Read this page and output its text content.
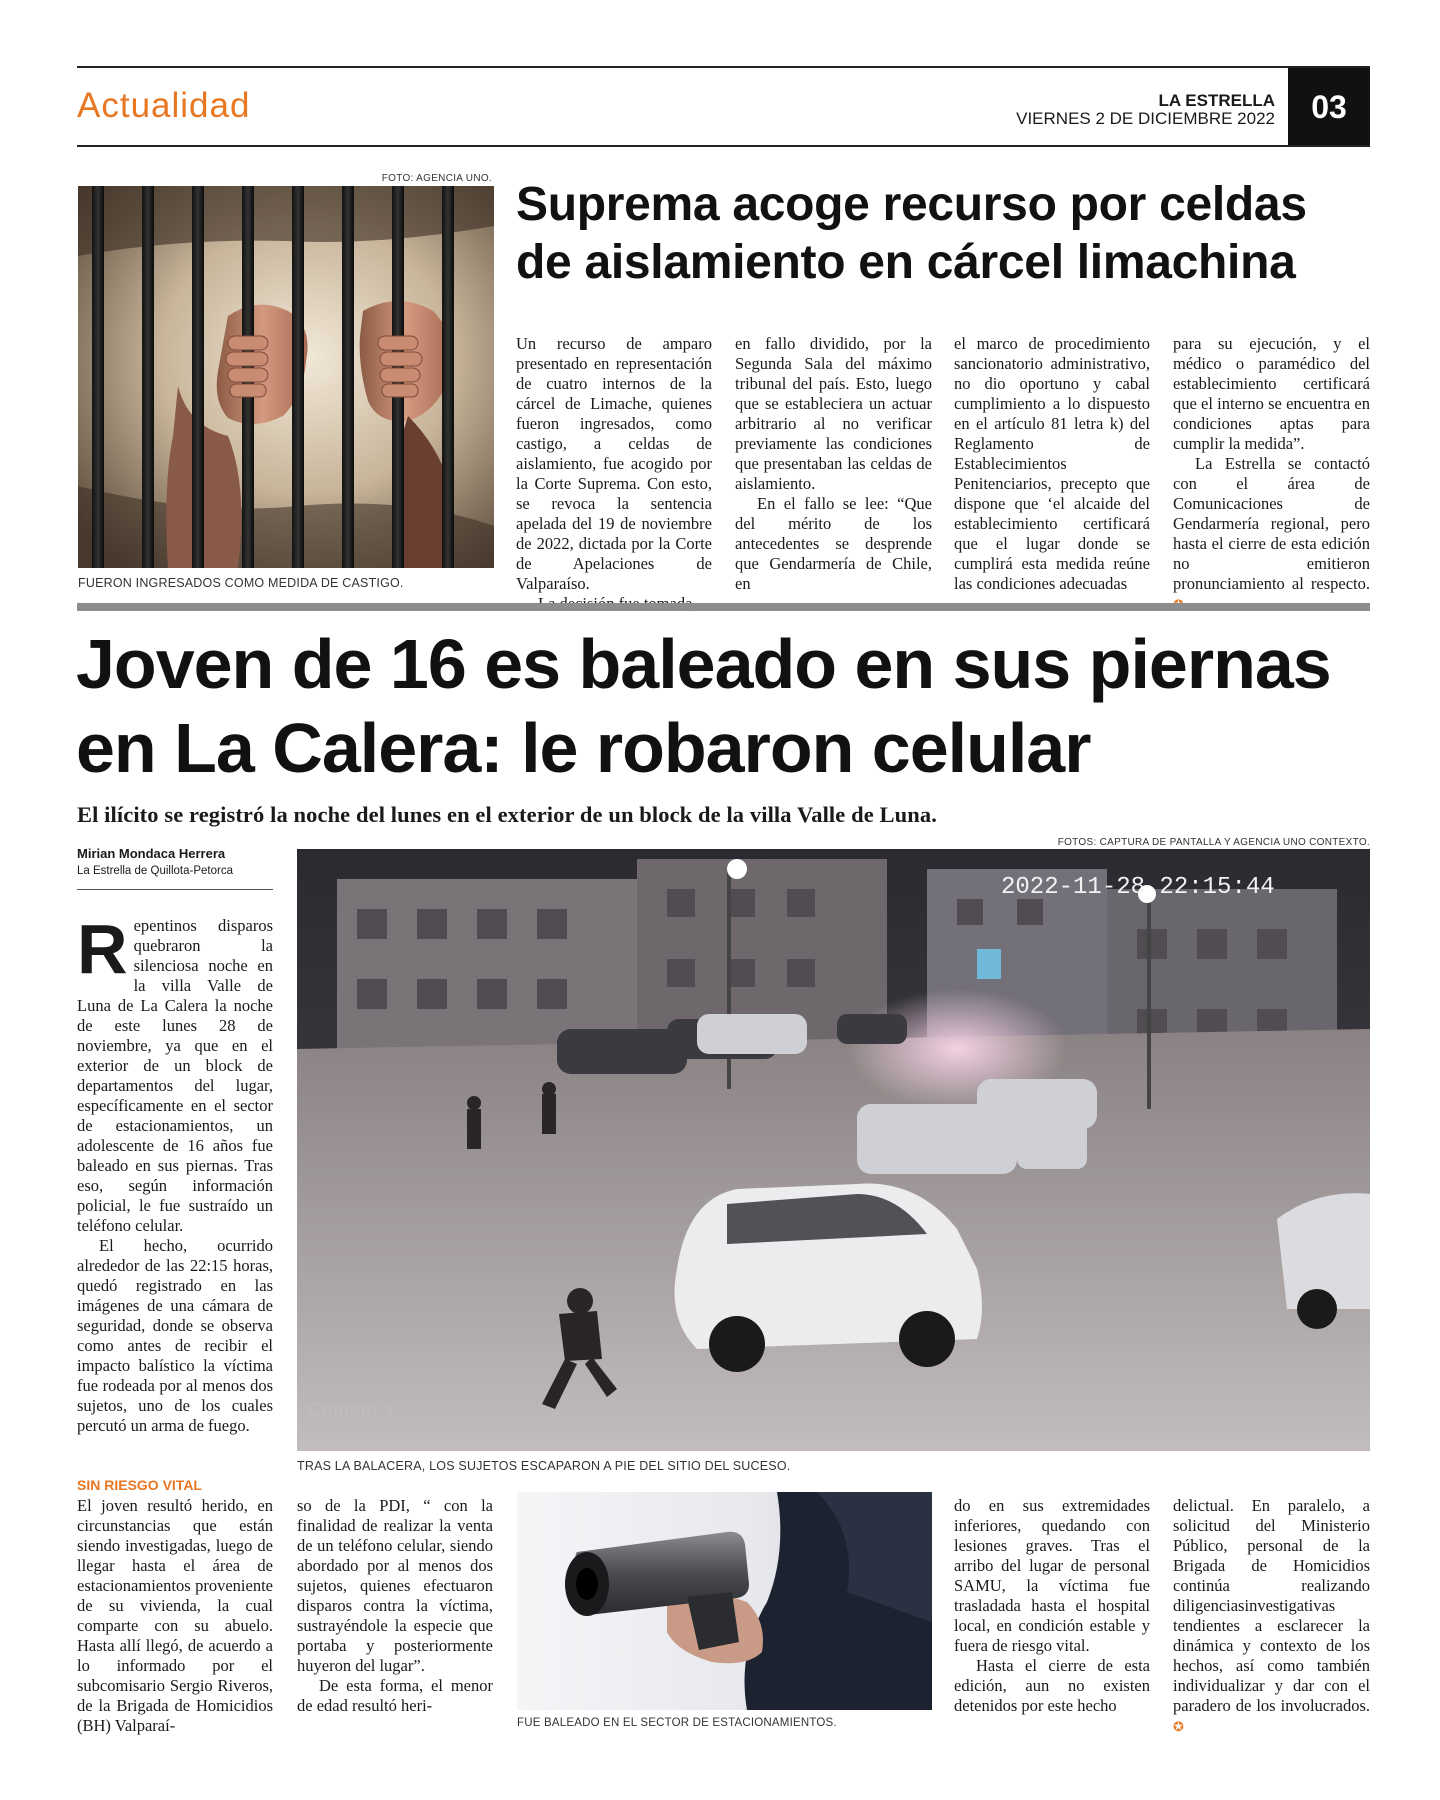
Actualidad	LA ESTRELLA
VIERNES 2 DE DICIEMBRE 2022	03
FOTO: AGENCIA UNO.
FUERON INGRESADOS COMO MEDIDA DE CASTIGO.
Suprema acoge recurso por celdas
de aislamiento en cárcel limachina

Un recurso de amparo presentado en representación de cuatro internos de la cárcel de Limache, quienes fueron ingresados, como castigo, a celdas de aislamiento, fue acogido por la Corte Suprema. Con esto, se revoca la sentencia apelada del 19 de noviembre de 2022, dictada por la Corte de Apelaciones de Valparaíso.

en fallo dividido, por la Segunda Sala del máximo tribunal del país. Esto, luego que se estableciera un actuar arbitrario al no verificar previamente las condiciones que presentaban las celdas de aislamiento.

En el fallo se lee: “Que del mérito de los antecedentes se desprende que Gendarmería de Chile, en

el marco de procedimiento sancionatorio administrativo, no dio oportuno y cabal cumplimiento a lo dispuesto en el artículo 81 letra k) del Reglamento de Establecimientos Penitenciarios, precepto que dispone que ‘el alcaide del establecimiento certificará que el lugar donde se cumplirá esta medida reúne las condiciones adecuadas

para su ejecución, y el médico o paramédico del establecimiento certificará que el interno se encuentra en condiciones aptas para cumplir la medida”.

La Estrella se contactó con el área de Comunicaciones de Gendarmería regional, pero hasta el cierre de esta edición no emitieron pronunciamiento al respecto.

Joven de 16 es baleado en sus piernas
en La Calera: le robaron celular
El ilícito se registró la noche del lunes en el exterior de un block de la villa Valle de Luna.
Mirian Mondaca Herrera
La Estrella de Quillota-Petorca

Repentinos disparos quebraron la silenciosa noche en la villa Valle de Luna de La Calera la noche de este lunes 28 de noviembre, ya que en el exterior de un block de departamentos del lugar, específicamente en el sector de estacionamientos, un adolescente de 16 años fue baleado en sus piernas. Tras eso, según información policial, le fue sustraído un teléfono celular.

El hecho, ocurrido alrededor de las 22:15 horas, quedó registrado en las imágenes de una cámara de seguridad, donde se observa como antes de recibir el impacto balístico la víctima fue rodeada por al menos dos sujetos, uno de los cuales percutó un arma de fuego.

FOTOS: CAPTURA DE PANTALLA Y AGENCIA UNO CONTEXTO.
2022-11-28 22:15:44
Camara 1
TRAS LA BALACERA, LOS SUJETOS ESCAPARON A PIE DEL SITIO DEL SUCESO.
SIN RIESGO VITAL

El joven resultó herido, en circunstancias que están siendo investigadas, luego de llegar hasta el área de estacionamientos proveniente de su vivienda, la cual comparte con su abuelo. Hasta allí llegó, de acuerdo a lo informado por el subcomisario Sergio Riveros, de la Brigada de Homicidios (BH) Valparaí-

so de la PDI, “ con la finalidad de realizar la venta de un teléfono celular, siendo abordado por al menos dos sujetos, quienes efectuaron disparos contra la víctima, sustrayéndole la especie que portaba y posteriormente huyeron del lugar”.

De esta forma, el menor de edad resultó heri-

FUE BALEADO EN EL SECTOR DE ESTACIONAMIENTOS.

do en sus extremidades inferiores, quedando con lesiones graves. Tras el arribo del lugar de personal SAMU, la víctima fue trasladada hasta el hospital local, en condición estable y fuera de riesgo vital.

Hasta el cierre de esta edición, aun no existen detenidos por este hecho

delictual. En paralelo, a solicitud del Ministerio Público, personal de la Brigada de Homicidios continúa realizando diligenciasinvestigativas tendientes a esclarecer la dinámica y contexto de los hechos, así como también individualizar y dar con el paradero de los involucrados. ✪
